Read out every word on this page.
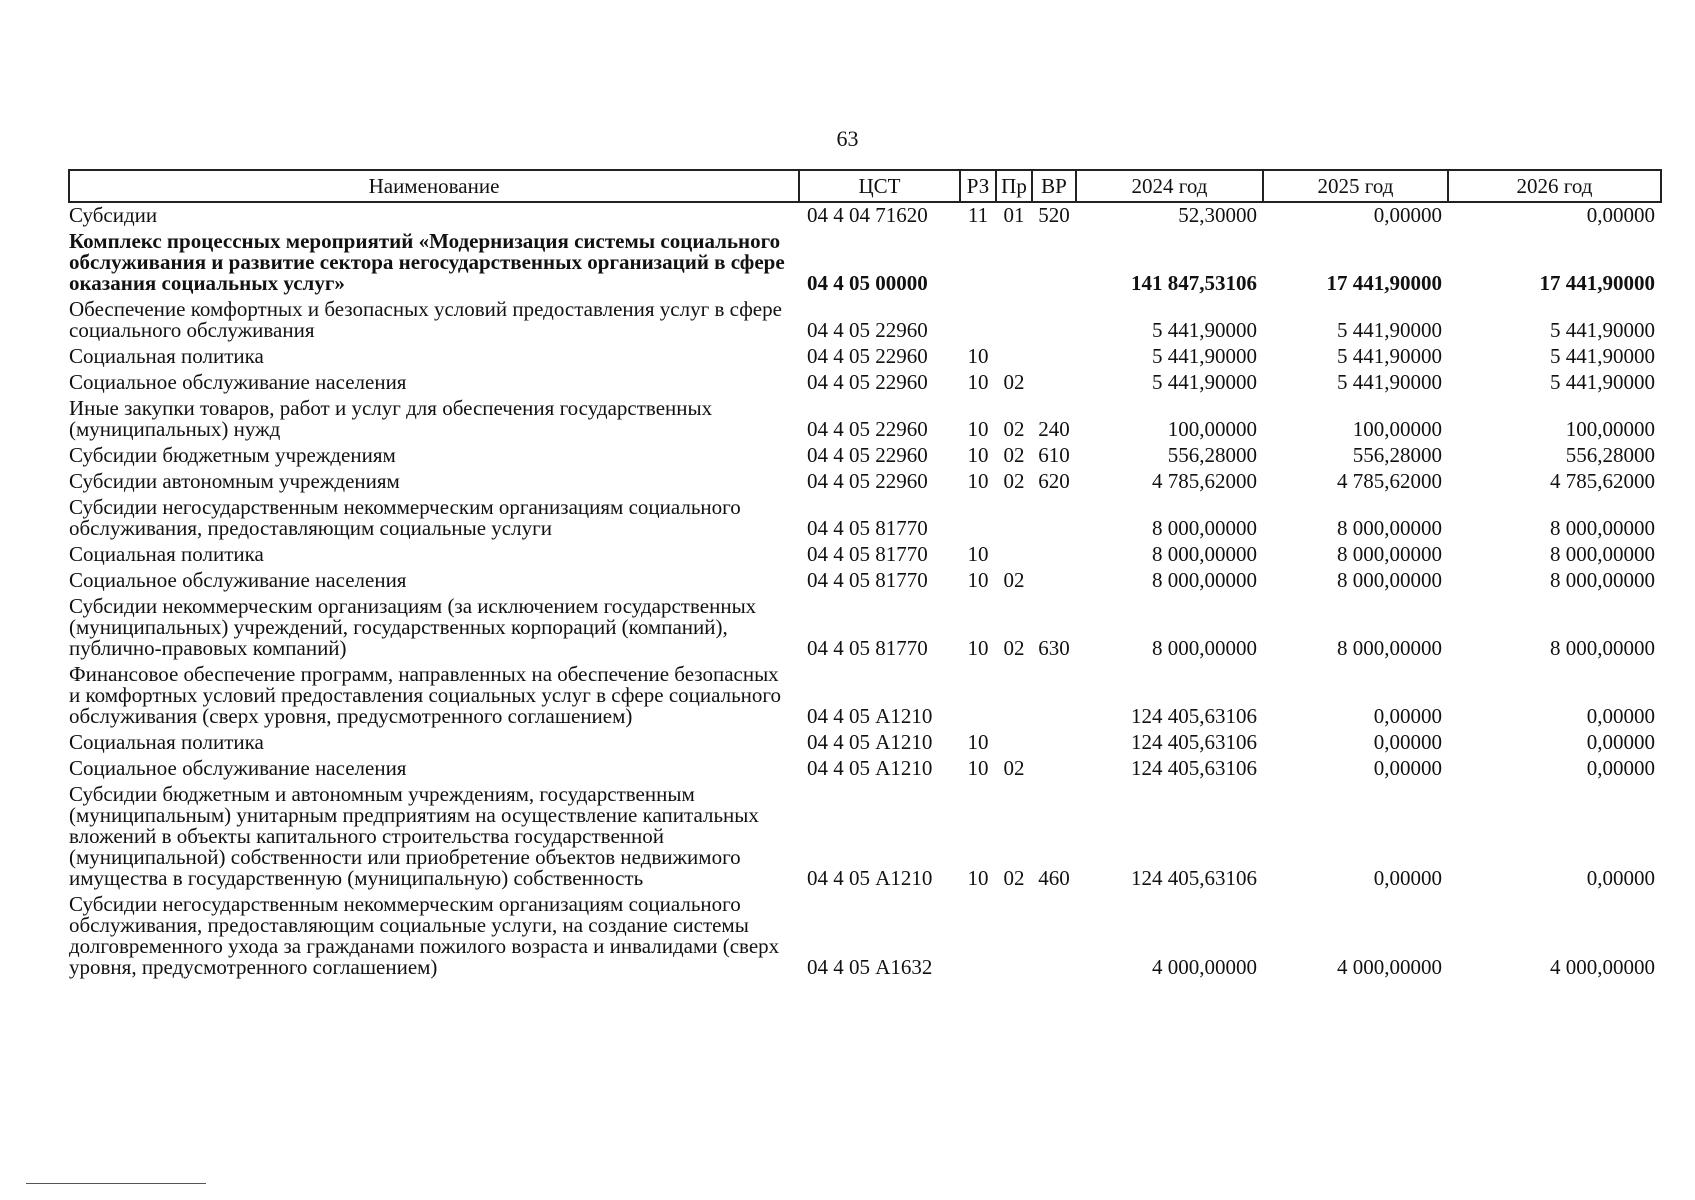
63
Наименование	ЦСТ	РЗ	Пр	ВР	2024 год	2025 год	2026 год
Субсидии	04 4 04 71620	11	01	520	52,30000	0,00000	0,00000
Комплекс процессных мероприятий «Модернизация системы социального обслуживания и развитие сектора негосударственных организаций в сфере оказания социальных услуг»	04 4 05 00000				141 847,53106	17 441,90000	17 441,90000
Обеспечение комфортных и безопасных условий предоставления услуг в сфере социального обслуживания	04 4 05 22960				5 441,90000	5 441,90000	5 441,90000
Социальная политика	04 4 05 22960	10			5 441,90000	5 441,90000	5 441,90000
Социальное обслуживание населения	04 4 05 22960	10	02		5 441,90000	5 441,90000	5 441,90000
Иные закупки товаров, работ и услуг для обеспечения государственных (муниципальных) нужд	04 4 05 22960	10	02	240	100,00000	100,00000	100,00000
Субсидии бюджетным учреждениям	04 4 05 22960	10	02	610	556,28000	556,28000	556,28000
Субсидии автономным учреждениям	04 4 05 22960	10	02	620	4 785,62000	4 785,62000	4 785,62000
Субсидии негосударственным некоммерческим организациям социального обслуживания, предоставляющим социальные услуги	04 4 05 81770				8 000,00000	8 000,00000	8 000,00000
Социальная политика	04 4 05 81770	10			8 000,00000	8 000,00000	8 000,00000
Социальное обслуживание населения	04 4 05 81770	10	02		8 000,00000	8 000,00000	8 000,00000
Субсидии некоммерческим организациям (за исключением государственных (муниципальных) учреждений, государственных корпораций (компаний), публично-правовых компаний)	04 4 05 81770	10	02	630	8 000,00000	8 000,00000	8 000,00000
Финансовое обеспечение программ, направленных на обеспечение безопасных и комфортных условий предоставления социальных услуг в сфере социального обслуживания (сверх уровня, предусмотренного соглашением)	04 4 05 А1210				124 405,63106	0,00000	0,00000
Социальная политика	04 4 05 А1210	10			124 405,63106	0,00000	0,00000
Социальное обслуживание населения	04 4 05 А1210	10	02		124 405,63106	0,00000	0,00000
Субсидии бюджетным и автономным учреждениям, государственным (муниципальным) унитарным предприятиям на осуществление капитальных вложений в объекты капитального строительства государственной (муниципальной) собственности или приобретение объектов недвижимого имущества в государственную (муниципальную) собственность	04 4 05 А1210	10	02	460	124 405,63106	0,00000	0,00000
Субсидии негосударственным некоммерческим организациям социального обслуживания, предоставляющим социальные услуги, на создание системы долговременного ухода за гражданами пожилого возраста и инвалидами (сверх уровня, предусмотренного соглашением)	04 4 05 А1632				4 000,00000	4 000,00000	4 000,00000
